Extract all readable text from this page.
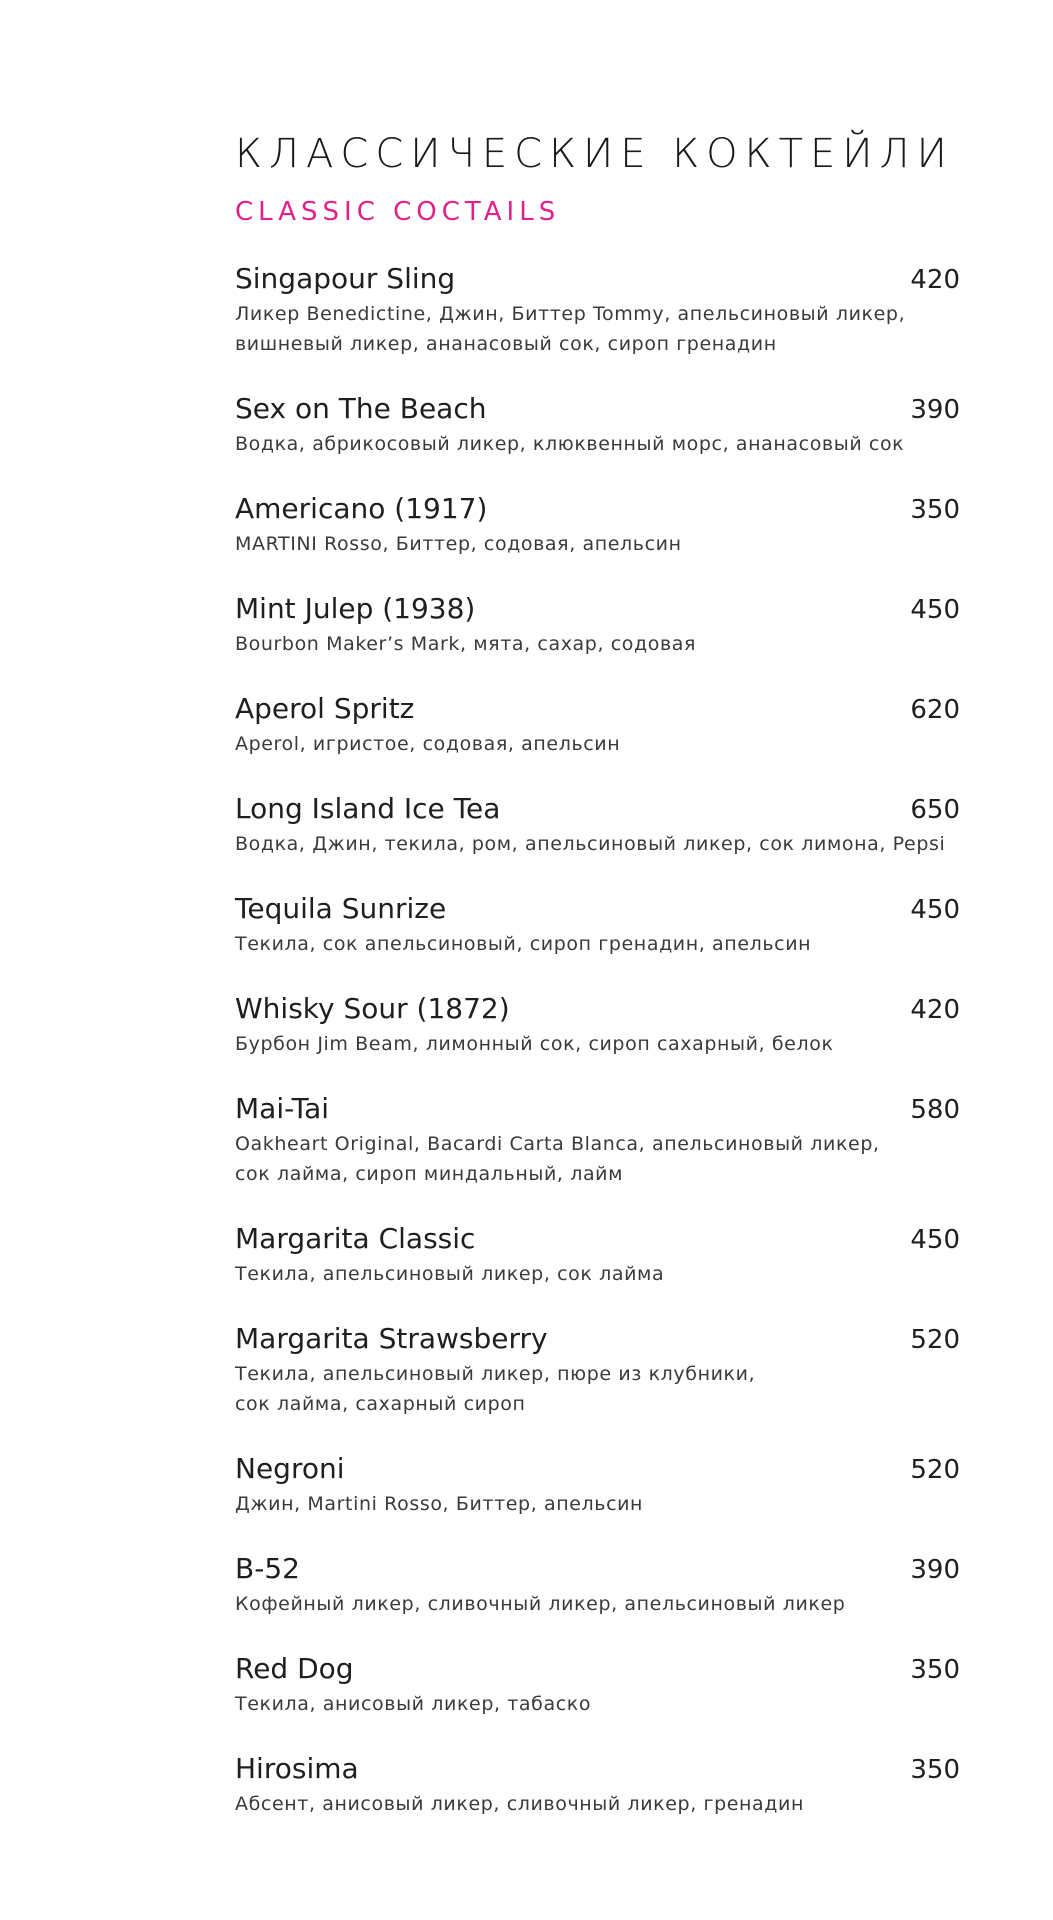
КЛАССИЧЕСКИЕ КОКТЕЙЛИ
CLASSIC COCTAILS
Singapour Sling	420
Ликер Benedictine, Джин, Биттер Tommy, апельсиновый ликер,
вишневый ликер, ананасовый сок, сироп гренадин
Sex on The Beach	390
Водка, абрикосовый ликер, клюквенный морс, ананасовый сок
Americano (1917)	350
MARTINI Rosso, Биттер, содовая, апельсин
Mint Julep (1938)	450
Bourbon Maker’s Mark, мята, сахар, содовая
Aperol Spritz	620
Aperol, игристое, содовая, апельсин
Long Island Ice Tea	650
Водка, Джин, текила, ром, апельсиновый ликер, сок лимона, Pepsi
Tequila Sunrize	450
Текила, сок апельсиновый, сироп гренадин, апельсин
Whisky Sour (1872)	420
Бурбон Jim Beam, лимонный сок, сироп сахарный, белок
Mai-Tai	580
Oakheart Original, Bacardi Carta Blanca, апельсиновый ликер,
сок лайма, сироп миндальный, лайм
Margarita Classic	450
Текила, апельсиновый ликер, сок лайма
Margarita Strawsberry	520
Текила, апельсиновый ликер, пюре из клубники,
сок лайма, сахарный сироп
Negroni	520
Джин, Martini Rosso, Биттер, апельсин
B-52	390
Кофейный ликер, сливочный ликер, апельсиновый ликер
Red Dog	350
Текила, анисовый ликер, табаско
Hirosima	350
Абсент, анисовый ликер, сливочный ликер, гренадин
